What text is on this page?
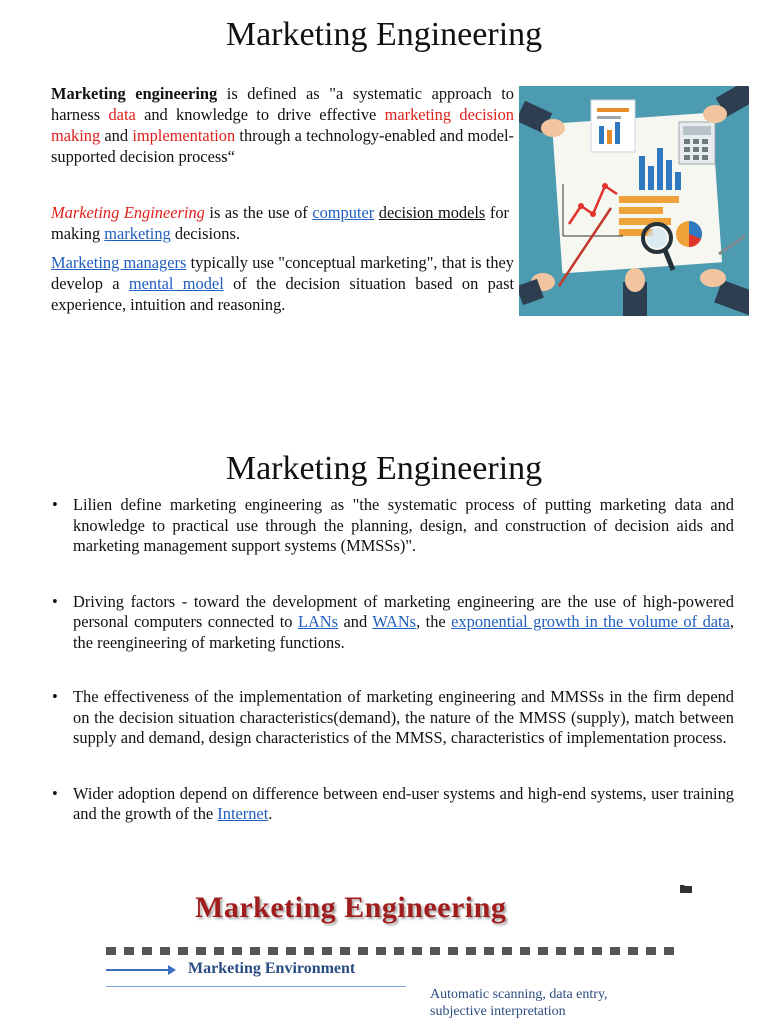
Marketing Engineering

Marketing engineering is defined as "a systematic approach to harness data and knowledge to drive effective marketing decision making and implementation through a technology-enabled and model-supported decision process“

Marketing Engineering is as the use of computer decision models for making marketing decisions.

Marketing managers typically use "conceptual marketing", that is they develop a mental model of the decision situation based on past experience, intuition and reasoning.

Marketing Engineering
• Lilien define marketing engineering as "the systematic process of putting marketing data and knowledge to practical use through the planning, design, and construction of decision aids and marketing management support systems (MMSSs)".
• Driving factors - toward the development of marketing engineering are the use of high-powered personal computers connected to LANs and WANs, the exponential growth in the volume of data, the reengineering of marketing functions.
• The effectiveness of the implementation of marketing engineering and MMSSs in the firm depend on the decision situation characteristics(demand), the nature of the MMSS (supply), match between supply and demand, design characteristics of the MMSS, characteristics of implementation process.
• Wider adoption depend on difference between end-user systems and high-end systems, user training and the growth of the Internet.
Marketing Engineering
Marketing Environment
Automatic scanning, data entry,
subjective interpretation
